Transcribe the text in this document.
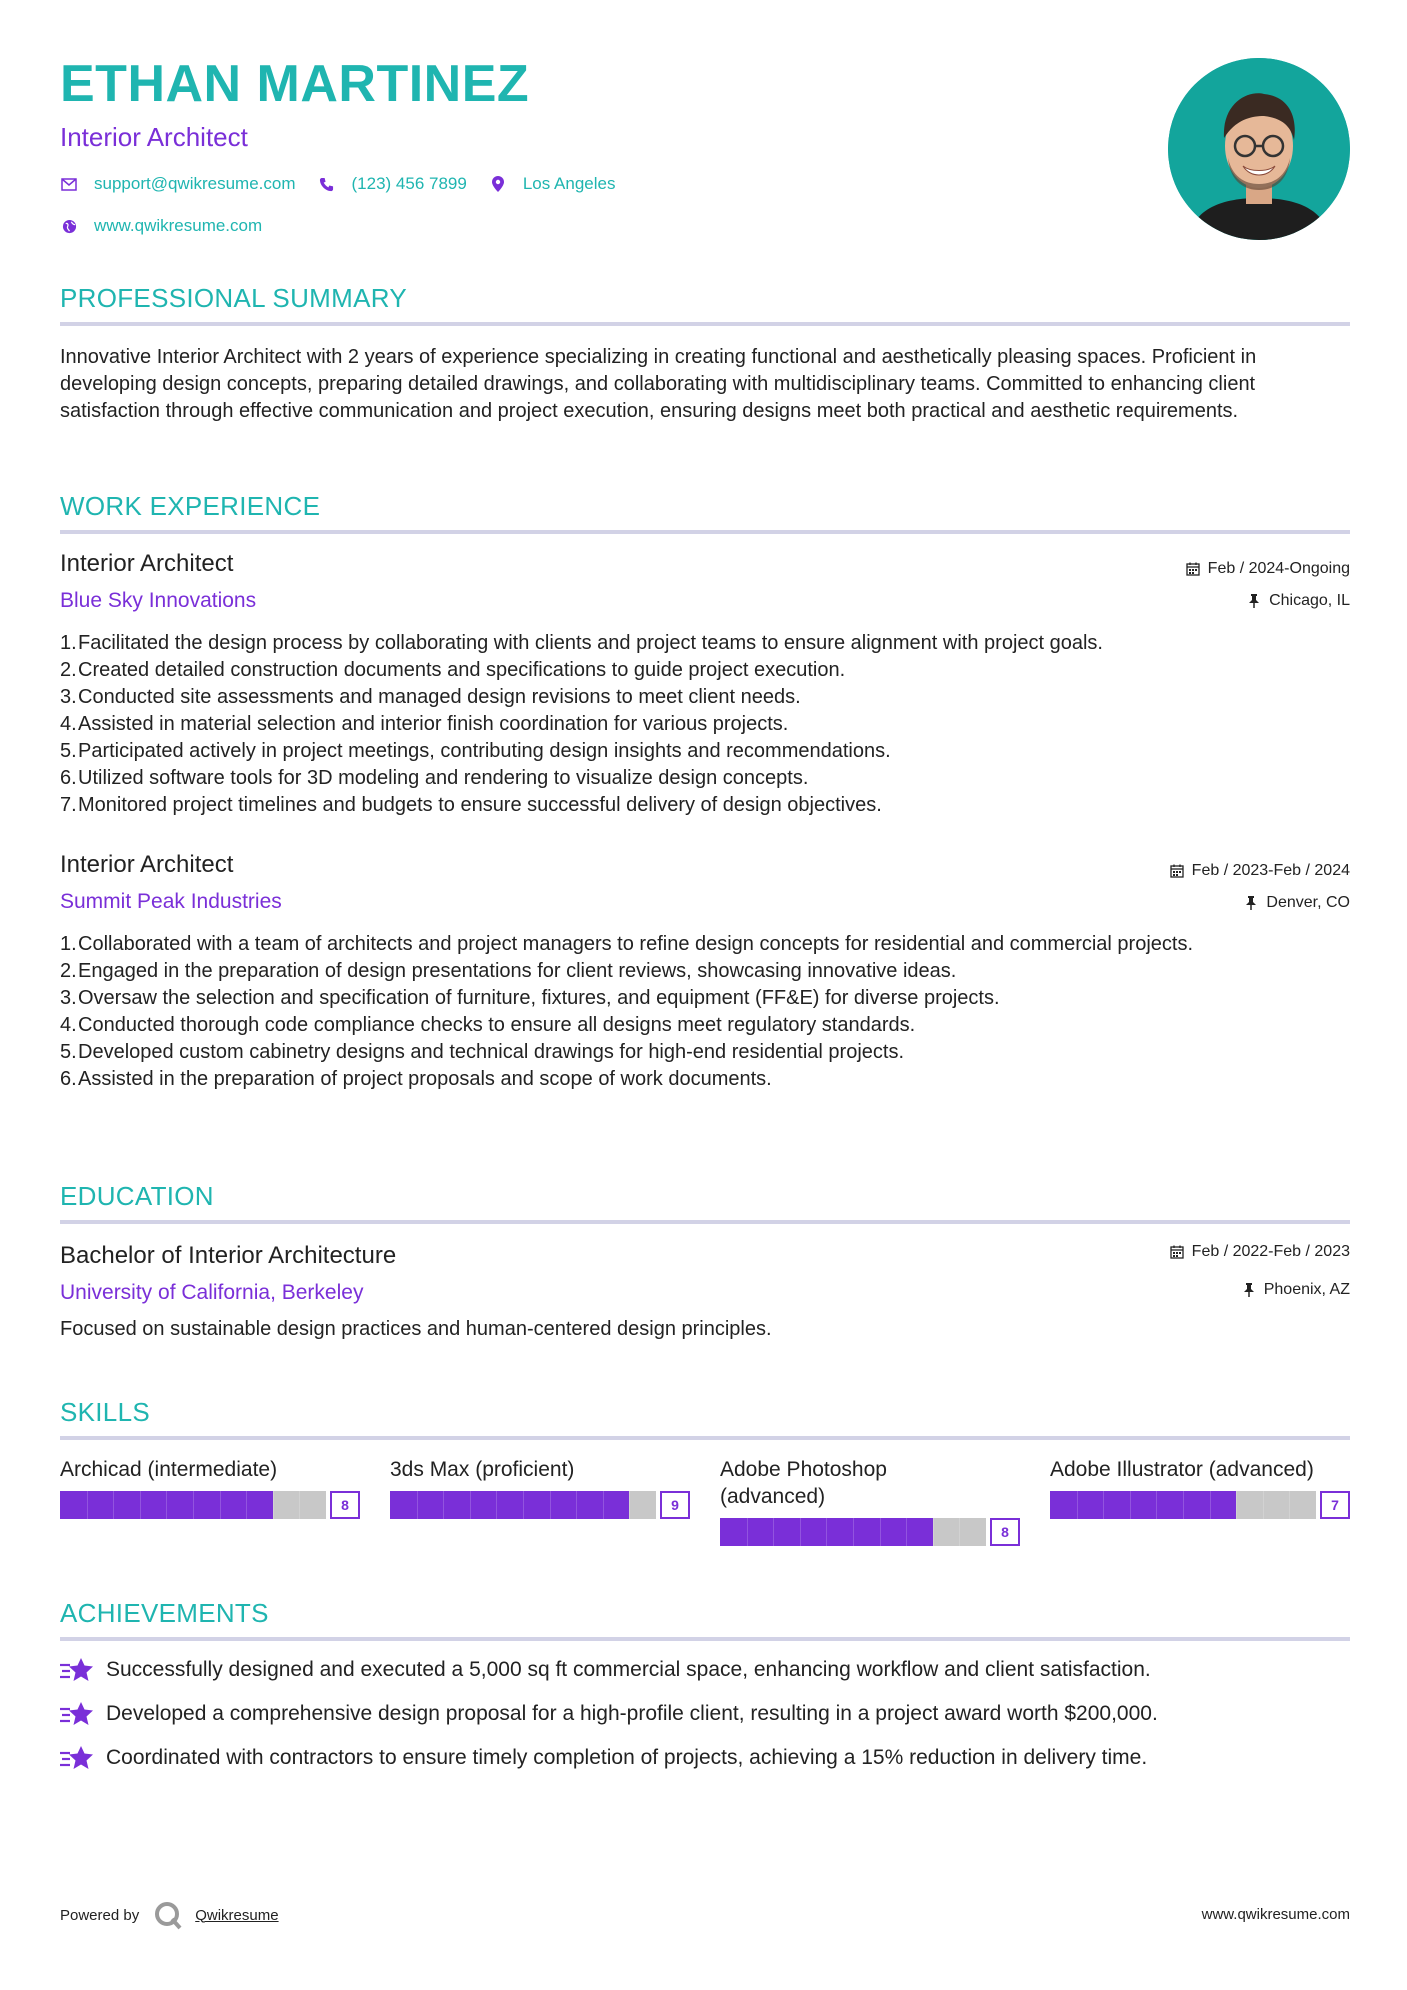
ETHAN MARTINEZ
Interior Architect
support@qwikresume.com	(123) 456 7899	Los Angeles
www.qwikresume.com
PROFESSIONAL SUMMARY
Innovative Interior Architect with 2 years of experience specializing in creating functional and aesthetically pleasing spaces. Proficient in developing design concepts, preparing detailed drawings, and collaborating with multidisciplinary teams. Committed to enhancing client satisfaction through effective communication and project execution, ensuring designs meet both practical and aesthetic requirements.
WORK EXPERIENCE
Interior Architect
Blue Sky Innovations
Feb / 2024-Ongoing
Chicago, IL
Facilitated the design process by collaborating with clients and project teams to ensure alignment with project goals.
Created detailed construction documents and specifications to guide project execution.
Conducted site assessments and managed design revisions to meet client needs.
Assisted in material selection and interior finish coordination for various projects.
Participated actively in project meetings, contributing design insights and recommendations.
Utilized software tools for 3D modeling and rendering to visualize design concepts.
Monitored project timelines and budgets to ensure successful delivery of design objectives.
Interior Architect
Summit Peak Industries
Feb / 2023-Feb / 2024
Denver, CO
Collaborated with a team of architects and project managers to refine design concepts for residential and commercial projects.
Engaged in the preparation of design presentations for client reviews, showcasing innovative ideas.
Oversaw the selection and specification of furniture, fixtures, and equipment (FF&E) for diverse projects.
Conducted thorough code compliance checks to ensure all designs meet regulatory standards.
Developed custom cabinetry designs and technical drawings for high-end residential projects.
Assisted in the preparation of project proposals and scope of work documents.
EDUCATION
Bachelor of Interior Architecture
University of California, Berkeley
Feb / 2022-Feb / 2023
Phoenix, AZ
Focused on sustainable design practices and human-centered design principles.
SKILLS
Archicad (intermediate)
8
3ds Max (proficient)
9
Adobe Photoshop (advanced)
8
Adobe Illustrator (advanced)
7
ACHIEVEMENTS
Successfully designed and executed a 5,000 sq ft commercial space, enhancing workflow and client satisfaction.
Developed a comprehensive design proposal for a high-profile client, resulting in a project award worth $200,000.
Coordinated with contractors to ensure timely completion of projects, achieving a 15% reduction in delivery time.
Powered by	Qwikresume	www.qwikresume.com
